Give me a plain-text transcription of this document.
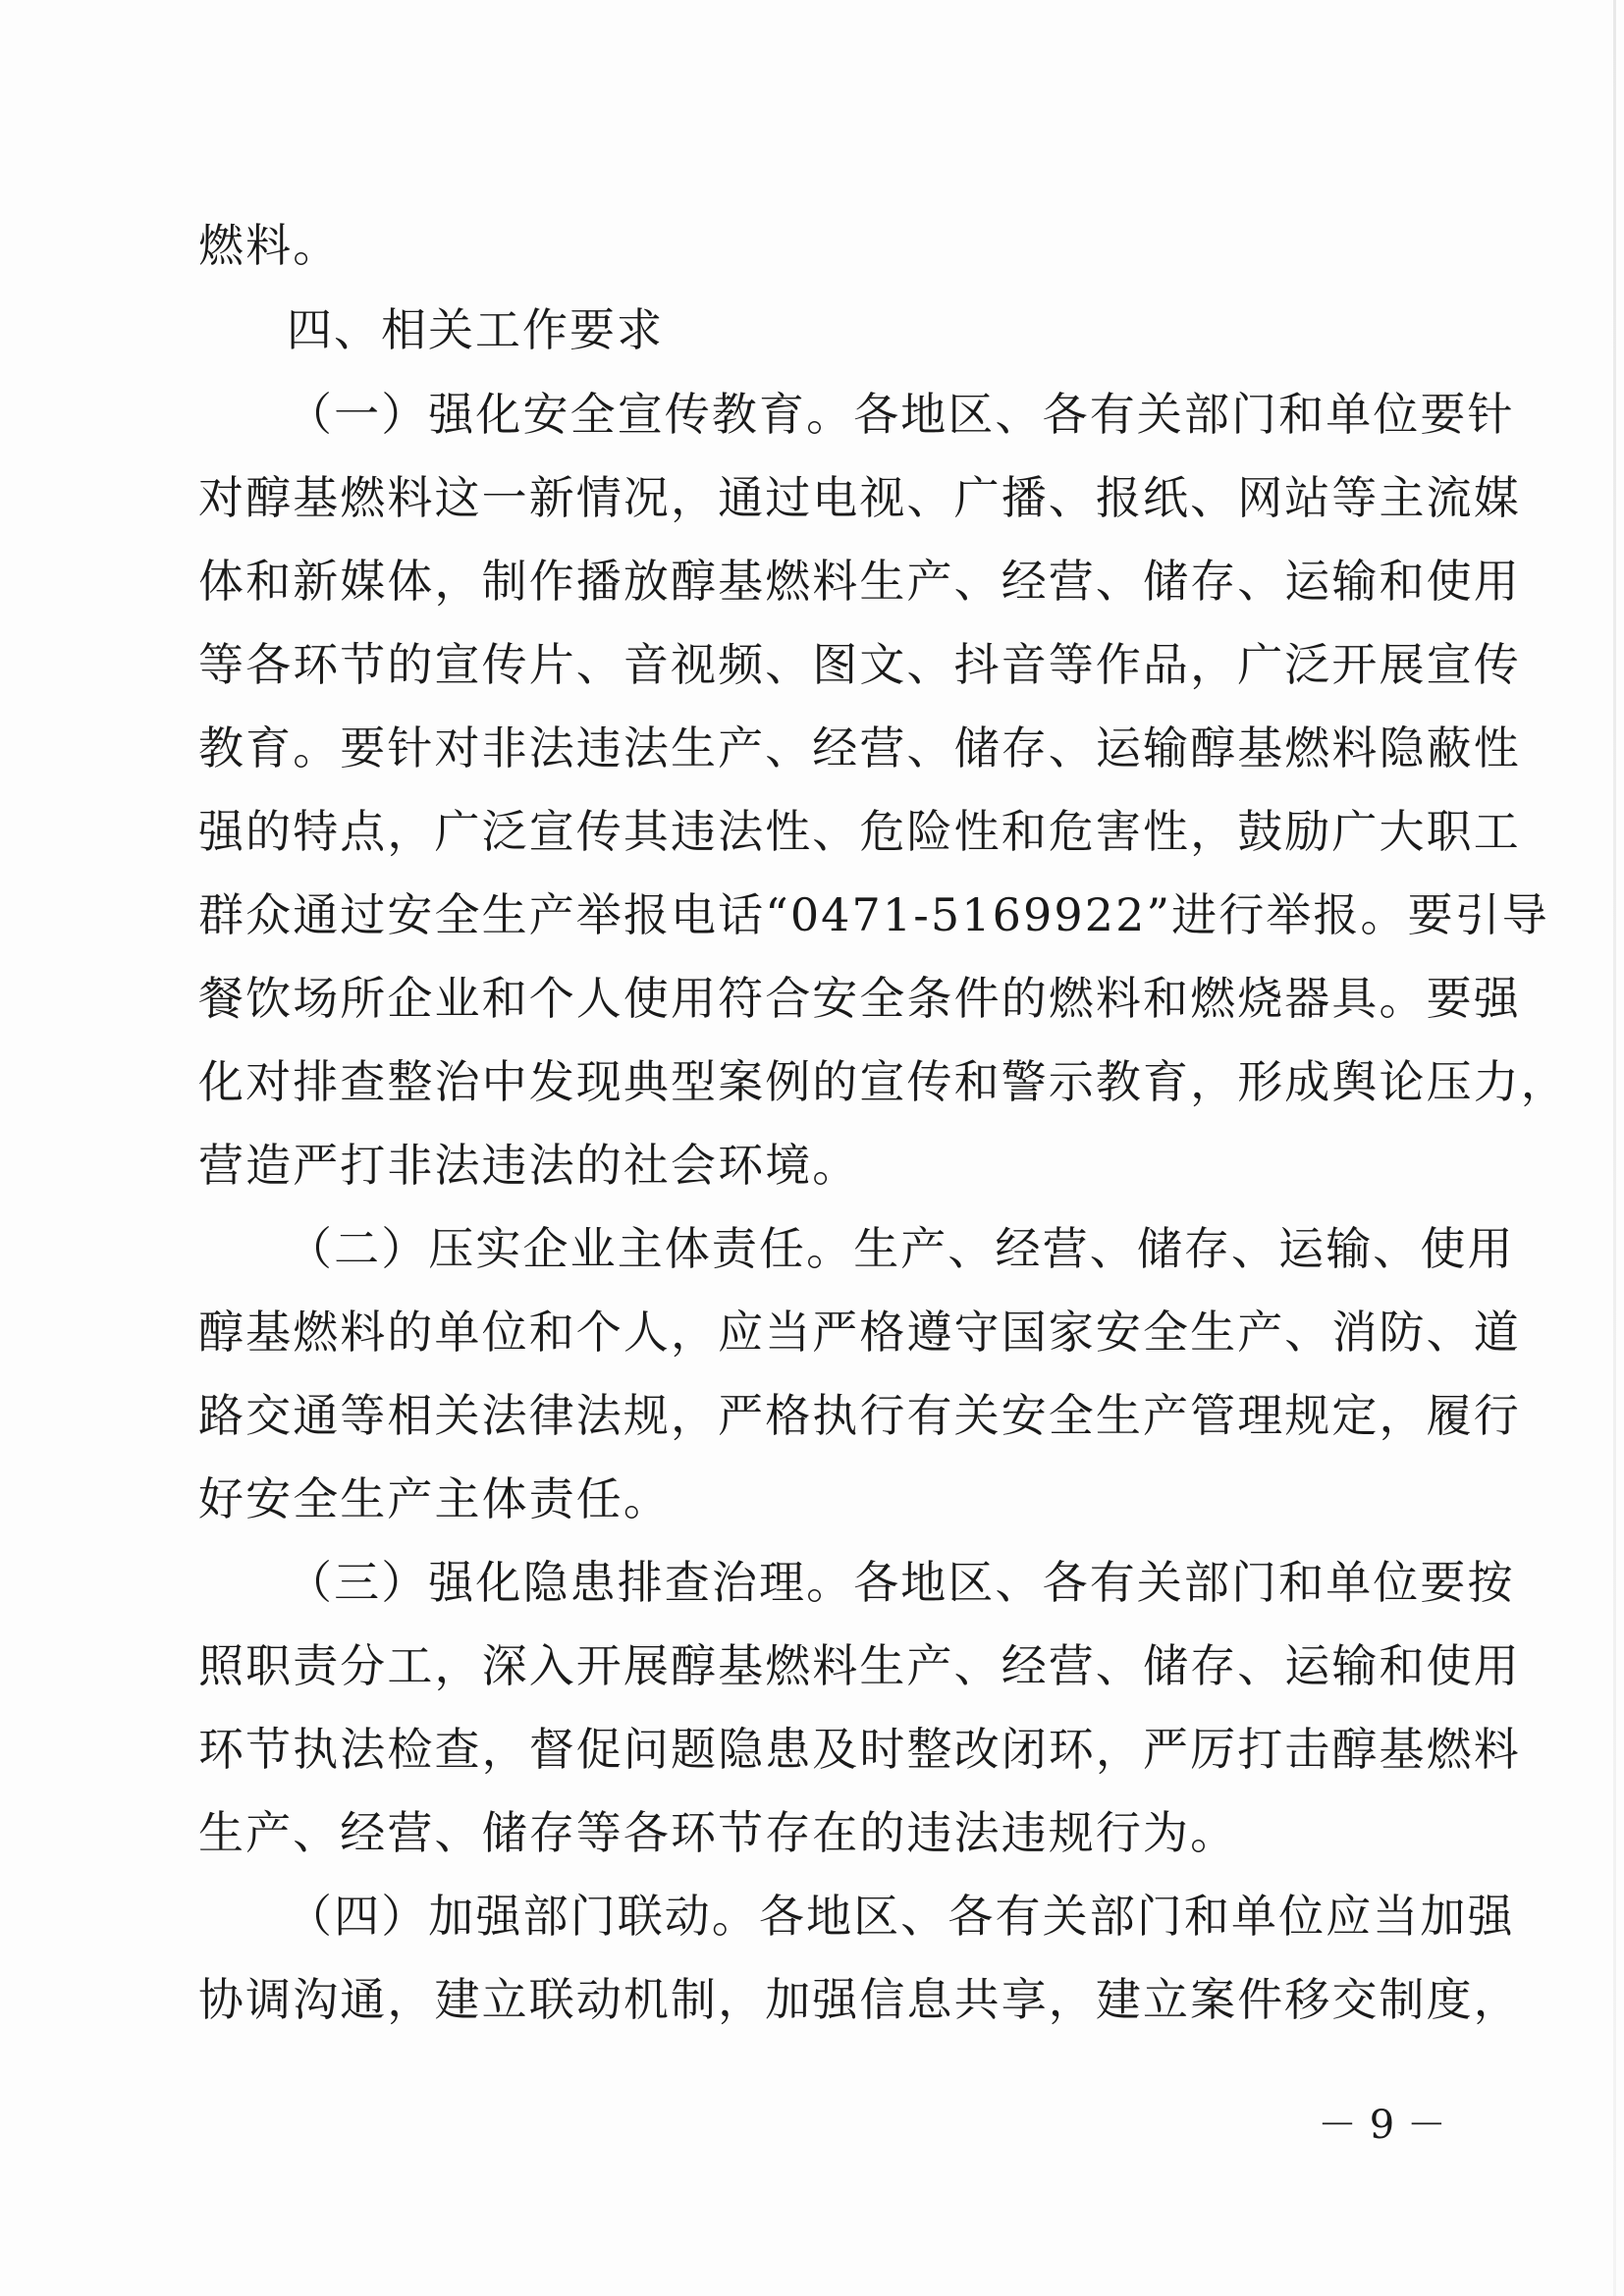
燃料。
四、相关工作要求
（一）强化安全宣传教育。各地区、各有关部门和单位要针
对醇基燃料这一新情况，通过电视、广播、报纸、网站等主流媒
体和新媒体，制作播放醇基燃料生产、经营、储存、运输和使用
等各环节的宣传片、音视频、图文、抖音等作品，广泛开展宣传
教育。要针对非法违法生产、经营、储存、运输醇基燃料隐蔽性
强的特点，广泛宣传其违法性、危险性和危害性，鼓励广大职工
群众通过安全生产举报电话“0471-5169922”进行举报。要引导
餐饮场所企业和个人使用符合安全条件的燃料和燃烧器具。要强
化对排查整治中发现典型案例的宣传和警示教育，形成舆论压力，
营造严打非法违法的社会环境。
（二）压实企业主体责任。生产、经营、储存、运输、使用
醇基燃料的单位和个人，应当严格遵守国家安全生产、消防、道
路交通等相关法律法规，严格执行有关安全生产管理规定，履行
好安全生产主体责任。
（三）强化隐患排查治理。各地区、各有关部门和单位要按
照职责分工，深入开展醇基燃料生产、经营、储存、运输和使用
环节执法检查，督促问题隐患及时整改闭环，严厉打击醇基燃料
生产、经营、储存等各环节存在的违法违规行为。
（四）加强部门联动。各地区、各有关部门和单位应当加强
协调沟通，建立联动机制，加强信息共享，建立案件移交制度，
－ 9 －
